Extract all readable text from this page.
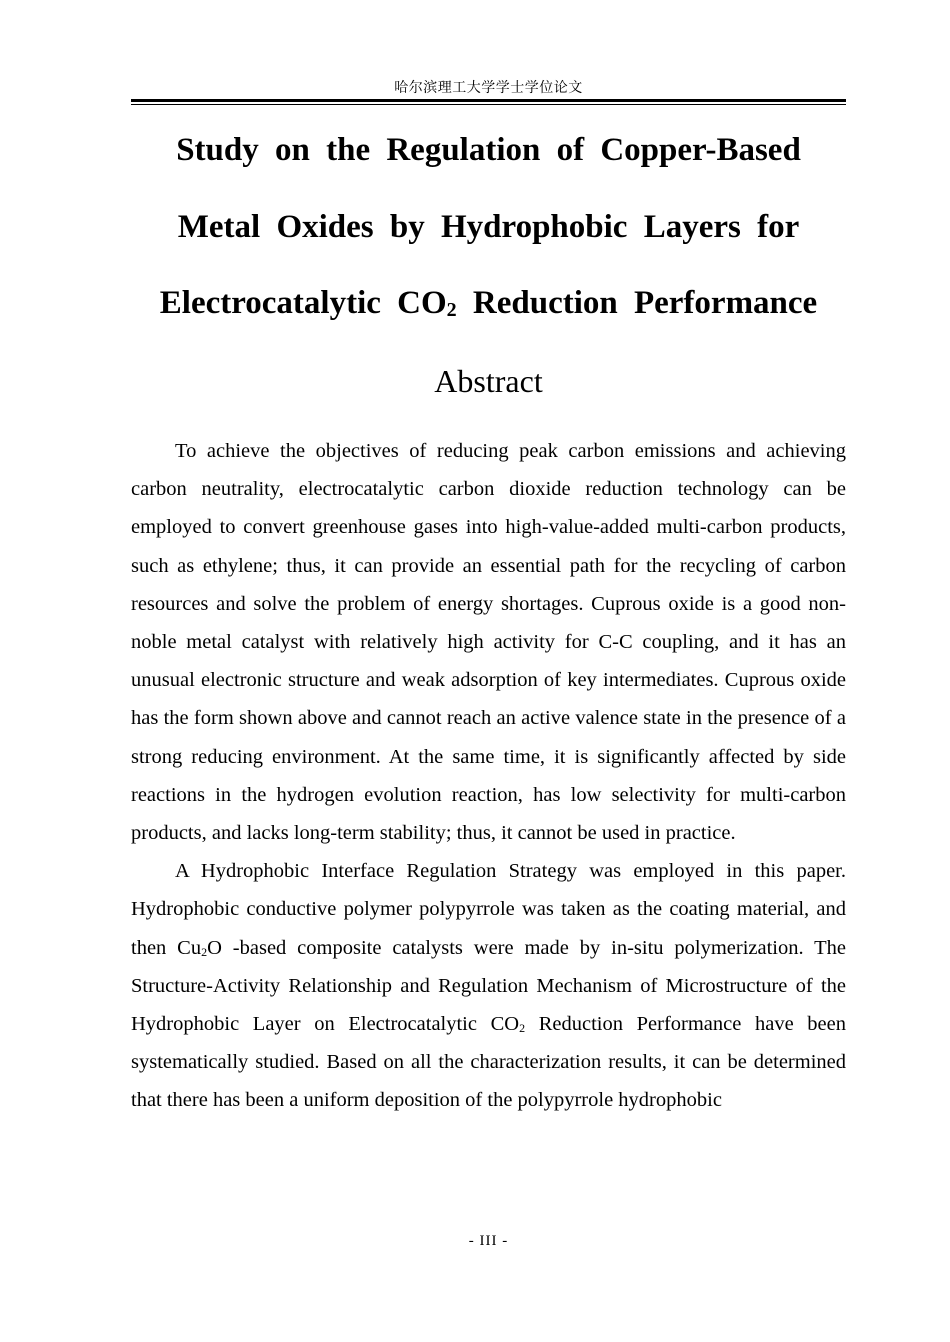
哈尔滨理工大学学士学位论文
Study on the Regulation of Copper-Based
Metal Oxides by Hydrophobic Layers for
Electrocatalytic $CO_2$ Reduction Performance
Abstract

To achieve the objectives of reducing peak carbon emissions and achieving carbon neutrality, electrocatalytic carbon dioxide reduction technology can be employed to convert greenhouse gases into high-value-added multi-carbon products, such as ethylene; thus, it can provide an essential path for the recycling of carbon resources and solve the problem of energy shortages. Cuprous oxide is a good non-noble metal catalyst with relatively high activity for C-C coupling, and it has an unusual electronic structure and weak adsorption of key intermediates. Cuprous oxide has the form shown above and cannot reach an active valence state in the presence of a strong reducing environment. At the same time, it is significantly affected by side reactions in the hydrogen evolution reaction, has low selectivity for multi-carbon products, and lacks long-term stability; thus, it cannot be used in practice.

A Hydrophobic Interface Regulation Strategy was employed in this paper. Hydrophobic conductive polymer polypyrrole was taken as the coating material, and then $Cu_2O$ -based composite catalysts were made by in-situ polymerization. The Structure-Activity Relationship and Regulation Mechanism of Microstructure of the Hydrophobic Layer on Electrocatalytic $CO_2$ Reduction Performance have been systematically studied. Based on all the characterization results, it can be determined that there has been a uniform deposition of the polypyrrole hydrophobic

- III -
